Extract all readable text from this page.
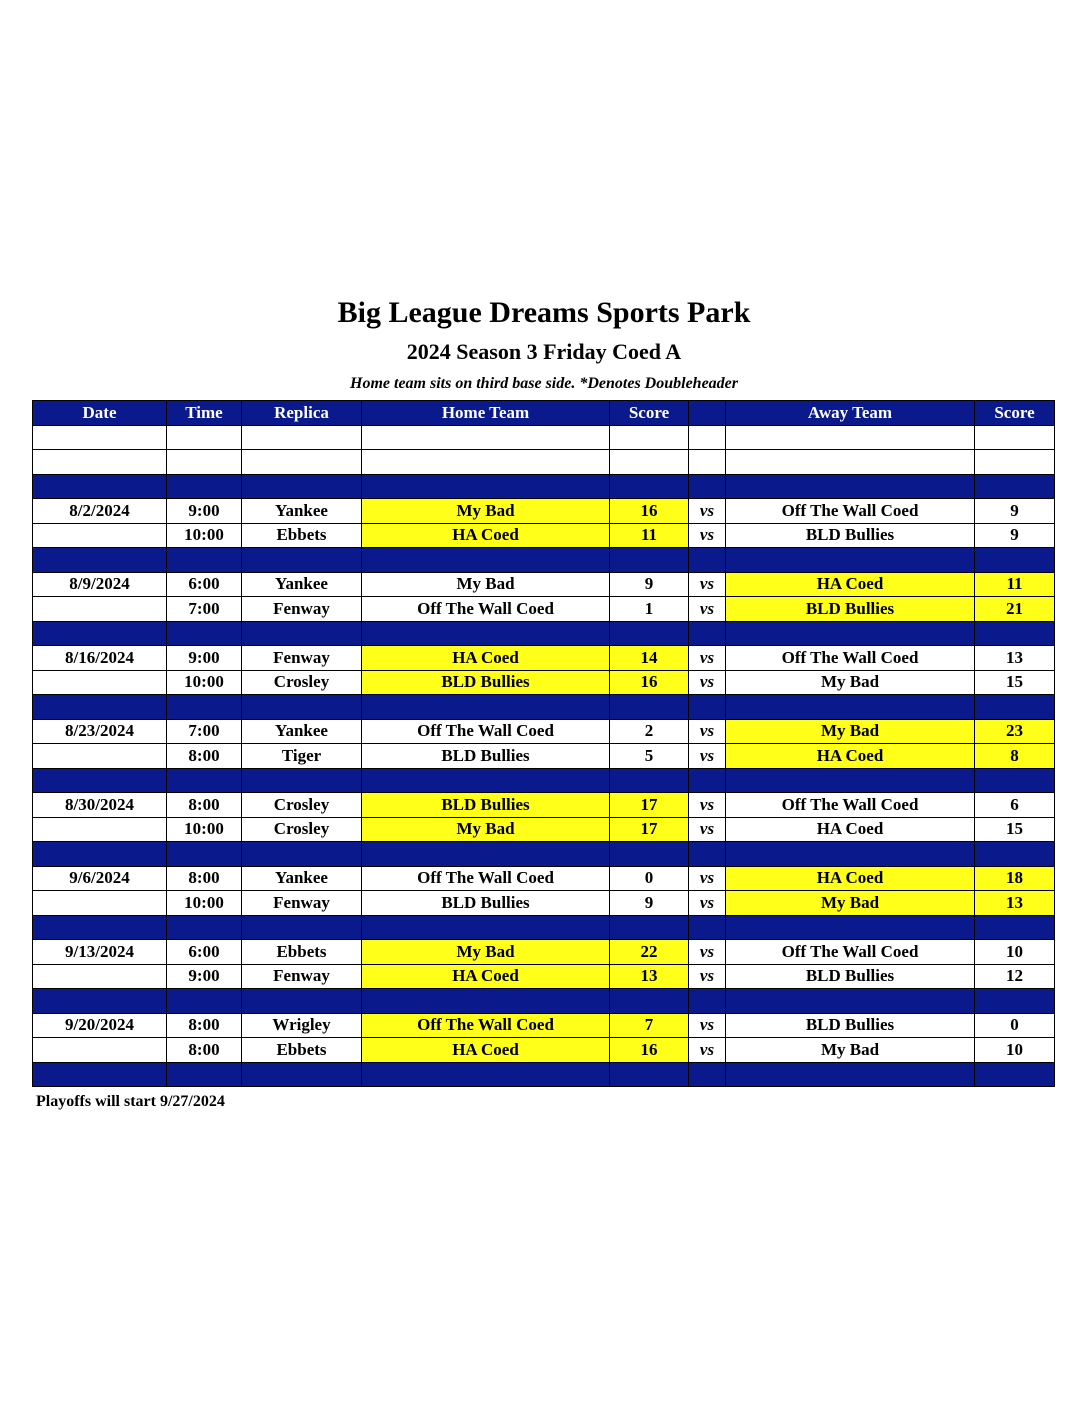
Big League Dreams Sports Park
2024 Season 3 Friday Coed A
Home team sits on third base side. *Denotes Doubleheader
Date	Time	Replica	Home Team	Score		Away Team	Score

8/2/2024	9:00	Yankee	My Bad	16	vs	Off The Wall Coed	9
	10:00	Ebbets	HA Coed	11	vs	BLD Bullies	9

8/9/2024	6:00	Yankee	My Bad	9	vs	HA Coed	11
	7:00	Fenway	Off The Wall Coed	1	vs	BLD Bullies	21

8/16/2024	9:00	Fenway	HA Coed	14	vs	Off The Wall Coed	13
	10:00	Crosley	BLD Bullies	16	vs	My Bad	15

8/23/2024	7:00	Yankee	Off The Wall Coed	2	vs	My Bad	23
	8:00	Tiger	BLD Bullies	5	vs	HA Coed	8

8/30/2024	8:00	Crosley	BLD Bullies	17	vs	Off The Wall Coed	6
	10:00	Crosley	My Bad	17	vs	HA Coed	15

9/6/2024	8:00	Yankee	Off The Wall Coed	0	vs	HA Coed	18
	10:00	Fenway	BLD Bullies	9	vs	My Bad	13

9/13/2024	6:00	Ebbets	My Bad	22	vs	Off The Wall Coed	10
	9:00	Fenway	HA Coed	13	vs	BLD Bullies	12

9/20/2024	8:00	Wrigley	Off The Wall Coed	7	vs	BLD Bullies	0
	8:00	Ebbets	HA Coed	16	vs	My Bad	10

Playoffs will start 9/27/2024
